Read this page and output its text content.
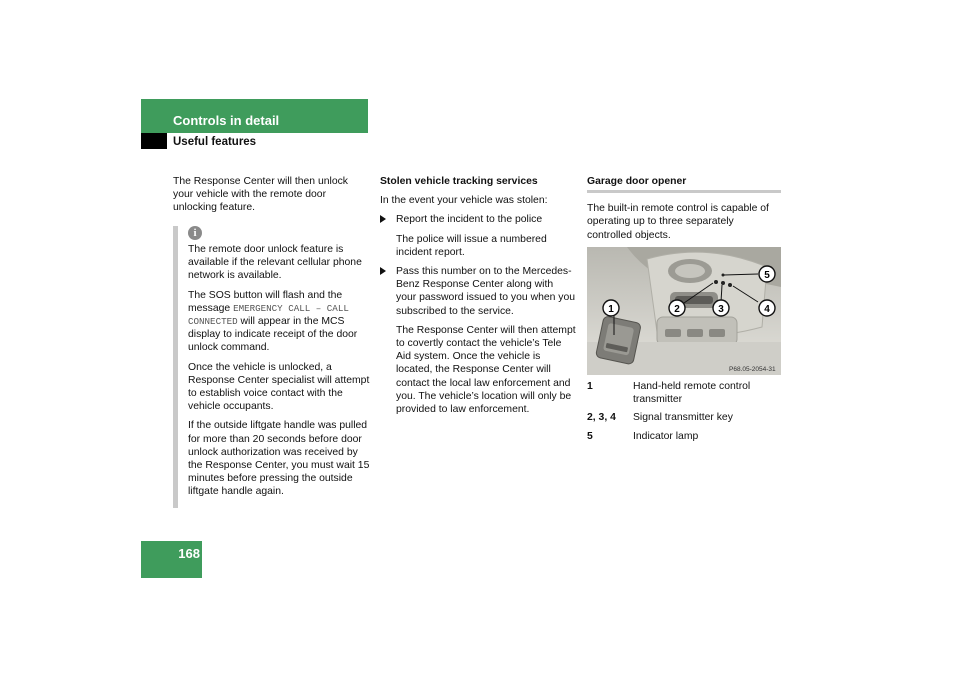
Controls in detail
Useful features
The Response Center will then unlock your vehicle with the remote door unlocking feature.
i

The remote door unlock feature is available if the relevant cellular phone network is available.

The SOS button will flash and the message EMERGENCY CALL – CALL CONNECTED will appear in the MCS display to indicate receipt of the door unlock command.

Once the vehicle is unlocked, a Response Center specialist will attempt to establish voice contact with the vehicle occupants.

If the outside liftgate handle was pulled for more than 20 seconds before door unlock authorization was received by the Response Center, you must wait 15 minutes before pressing the outside liftgate handle again.

Stolen vehicle tracking services

In the event your vehicle was stolen:

Report the incident to the police

The police will issue a numbered incident report.

Pass this number on to the Mercedes-Benz Response Center along with your password issued to you when you subscribed to the service.

The Response Center will then attempt to covertly contact the vehicle’s Tele Aid system. Once the vehicle is located, the Response Center will contact the local law enforcement and you. The vehicle’s location will only be provided to law enforcement.

Garage door opener

The built-in remote control is capable of operating up to three separately controlled objects.

1	2	3	4
5
P68.05-2054-31
1	Hand-held remote control transmitter
2, 3, 4	Signal transmitter key
5	Indicator lamp
168
